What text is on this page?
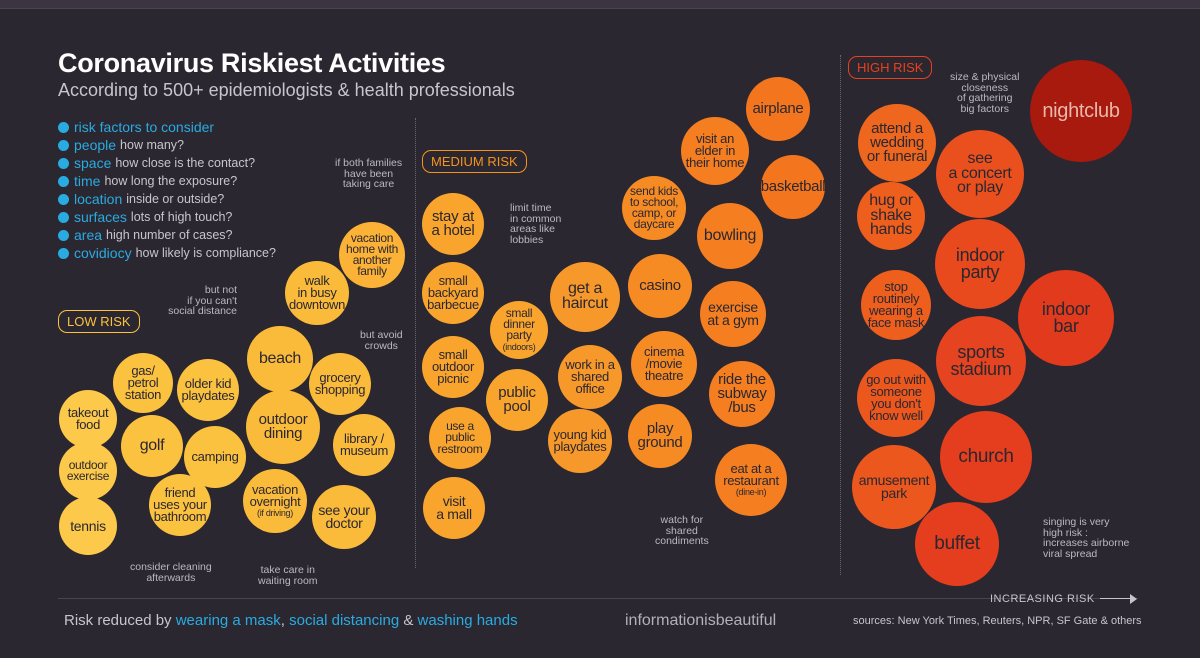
Coronavirus Riskiest Activities
According to 500+ epidemiologists & health professionals
risk factors to consider
people how many?
space how close is the contact?
time how long the exposure?
location inside or outside?
surfaces lots of high touch?
area high number of cases?
covidiocy how likely is compliance?
LOW RISK
MEDIUM RISK
HIGH RISK
takeout
food
outdoor
exercise
tennis
gas/
petrol
station
golf
friend
uses your
bathroom
older kid
playdates
camping
beach
outdoor
dining
vacation
overnight
(if driving)
walk
in busy
downtown
grocery
shopping
library /
museum
see your
doctor
vacation
home with
another
family
stay at
a hotel
small
backyard
barbecue
small
outdoor
picnic
use a
public
restroom
visit
a mall
small
dinner
party
(indoors)
public
pool
get a
haircut
work in a
shared
office
young kid
playdates
send kids
to school,
camp, or
daycare
casino
cinema
/movie
theatre
play
ground
visit an
elder in
their home
bowling
exercise
at a gym
ride the
subway
/bus
eat at a
restaurant
(dine-in)
airplane
basketball
attend a
wedding
or funeral
hug or
shake
hands
stop
routinely
wearing a
face mask
go out with
someone
you don't
know well
amusement
park
see
a concert
or play
indoor
party
sports
stadium
church
buffet
indoor
bar
nightclub
if both families
have been
taking care
but not
if you can't
social distance
but avoid
crowds
consider cleaning
afterwards
take care in
waiting room
limit time
in common
areas like
lobbies
watch for
shared
condiments
size & physical
closeness
of gathering
big factors
singing is very
high risk :
increases airborne
viral spread
INCREASING RISK
Risk reduced by wearing a mask, social distancing & washing hands	informationisbeautiful	sources: New York Times, Reuters, NPR, SF Gate & others
